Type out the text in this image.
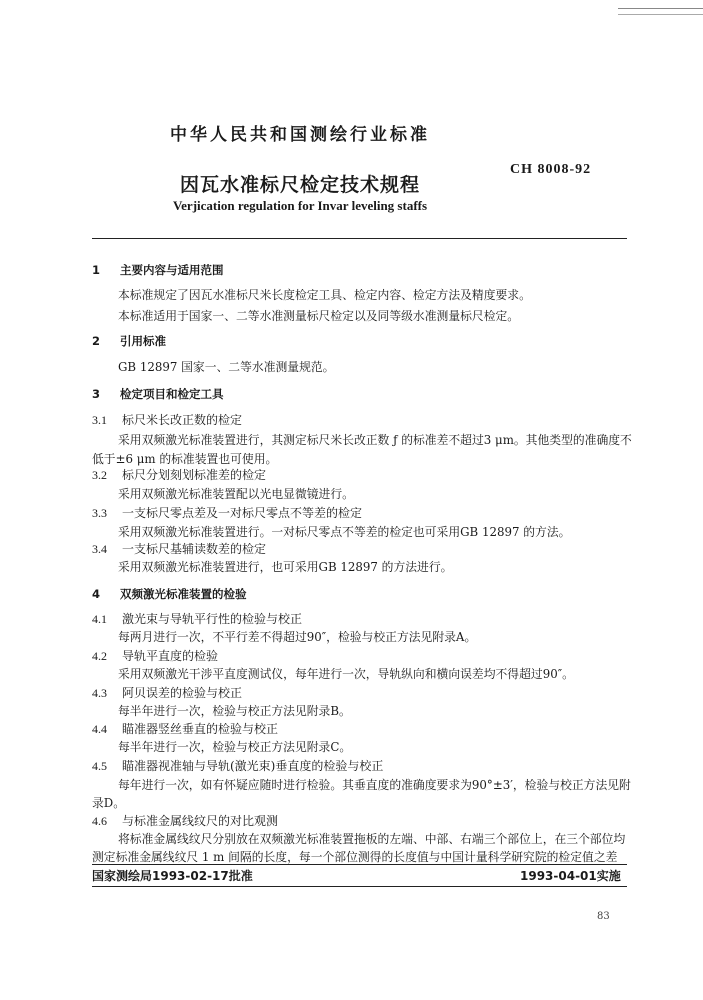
中华人民共和国测绘行业标准
因瓦水准标尺检定技术规程
CH 8008-92
Verjication regulation for Invar leveling staffs
1 主要内容与适用范围
本标准规定了因瓦水准标尺米长度检定工具、检定内容、检定方法及精度要求。
本标准适用于国家一、二等水准测量标尺检定以及同等级水准测量标尺检定。
2 引用标准
GB 12897 国家一、二等水准测量规范。
3 检定项目和检定工具
3.1 标尺米长改正数的检定
采用双频激光标准装置进行，其测定标尺米长改正数 ƒ 的标准差不超过3 μm。其他类型的准确度不
低于±6 μm 的标准装置也可使用。
3.2 标尺分划刻划标准差的检定
采用双频激光标准装置配以光电显微镜进行。
3.3 一支标尺零点差及一对标尺零点不等差的检定
采用双频激光标准装置进行。一对标尺零点不等差的检定也可采用GB 12897 的方法。
3.4 一支标尺基辅读数差的检定
采用双频激光标准装置进行，也可采用GB 12897 的方法进行。
4 双频激光标准装置的检验
4.1 激光束与导轨平行性的检验与校正
每两月进行一次，不平行差不得超过90″，检验与校正方法见附录A。
4.2 导轨平直度的检验
采用双频激光干涉平直度测试仪，每年进行一次，导轨纵向和横向误差均不得超过90″。
4.3 阿贝误差的检验与校正
每半年进行一次，检验与校正方法见附录B。
4.4 瞄准器竖丝垂直的检验与校正
每半年进行一次，检验与校正方法见附录C。
4.5 瞄准器视准轴与导轨(激光束)垂直度的检验与校正
每年进行一次，如有怀疑应随时进行检验。其垂直度的准确度要求为90°±3′，检验与校正方法见附
录D。
4.6 与标准金属线纹尺的对比观测
将标准金属线纹尺分别放在双频激光标准装置拖板的左端、中部、右端三个部位上，在三个部位均
测定标准金属线纹尺 1 m 间隔的长度，每一个部位测得的长度值与中国计量科学研究院的检定值之差
国家测绘局1993-02-17批准	1993-04-01实施
83
